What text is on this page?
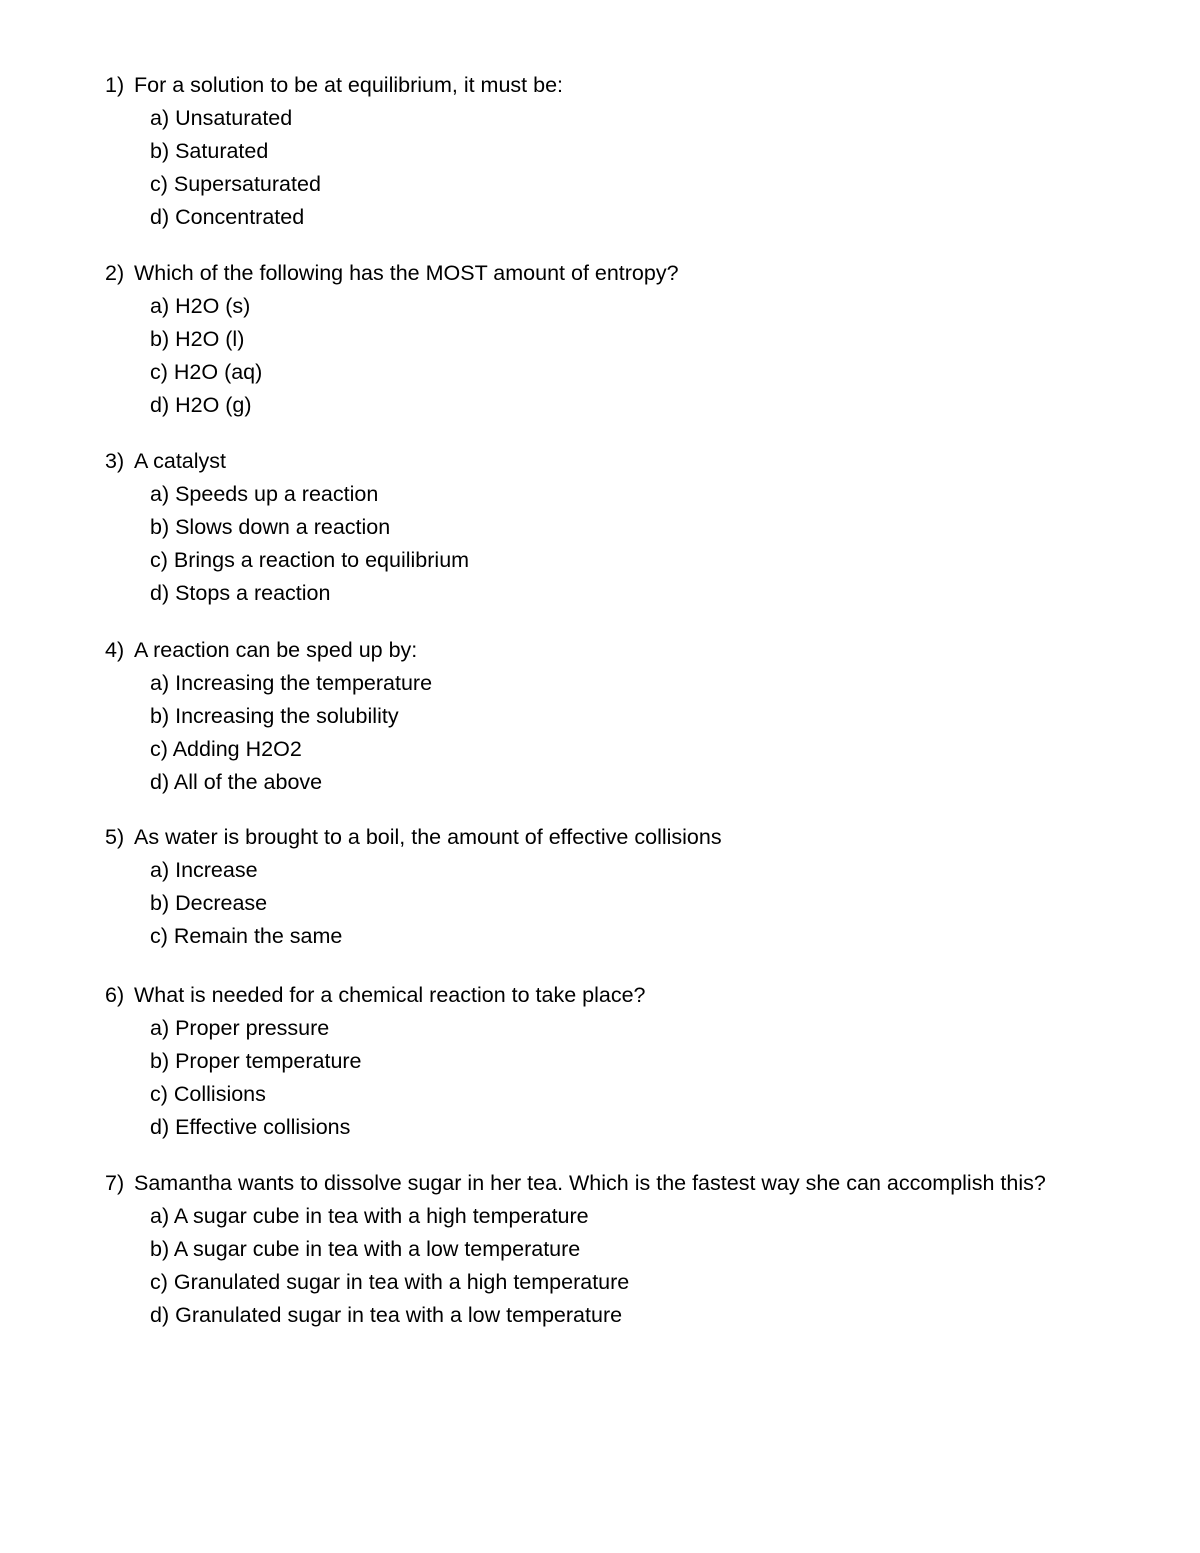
1) For a solution to be at equilibrium, it must be:
a) Unsaturated
b) Saturated
c) Supersaturated
d) Concentrated
2) Which of the following has the MOST amount of entropy?
a) H2O (s)
b) H2O (l)
c) H2O (aq)
d) H2O (g)
3) A catalyst
a) Speeds up a reaction
b) Slows down a reaction
c) Brings a reaction to equilibrium
d) Stops a reaction
4) A reaction can be sped up by:
a) Increasing the temperature
b) Increasing the solubility
c) Adding H2O2
d) All of the above
5) As water is brought to a boil, the amount of effective collisions
a) Increase
b) Decrease
c) Remain the same
6) What is needed for a chemical reaction to take place?
a) Proper pressure
b) Proper temperature
c) Collisions
d) Effective collisions
7) Samantha wants to dissolve sugar in her tea. Which is the fastest way she can accomplish this?
a) A sugar cube in tea with a high temperature
b) A sugar cube in tea with a low temperature
c) Granulated sugar in tea with a high temperature
d) Granulated sugar in tea with a low temperature
